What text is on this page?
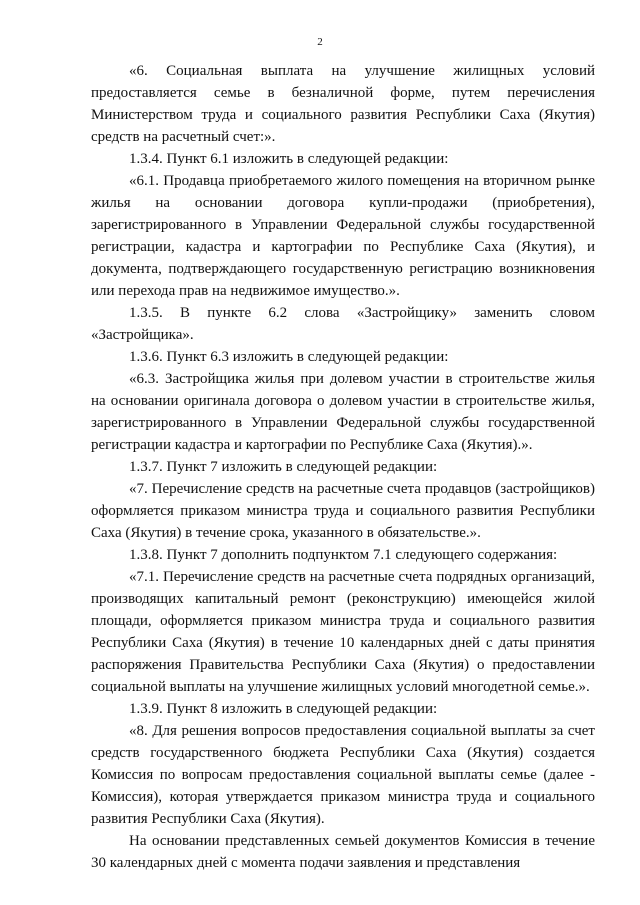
2

«6. Социальная выплата на улучшение жилищных условий предоставляется семье в безналичной форме, путем перечисления Министерством труда и социального развития Республики Саха (Якутия) средств на расчетный счет:».

1.3.4. Пункт 6.1 изложить в следующей редакции:

«6.1. Продавца приобретаемого жилого помещения на вторичном рынке жилья на основании договора купли-продажи (приобретения), зарегистрированного в Управлении Федеральной службы государственной регистрации, кадастра и картографии по Республике Саха (Якутия), и документа, подтверждающего государственную регистрацию возникновения или перехода прав на недвижимое имущество.».

1.3.5. В пункте 6.2 слова «Застройщику» заменить словом «Застройщика».

1.3.6. Пункт 6.3 изложить в следующей редакции:

«6.3. Застройщика жилья при долевом участии в строительстве жилья на основании оригинала договора о долевом участии в строительстве жилья, зарегистрированного в Управлении Федеральной службы государственной регистрации кадастра и картографии по Республике Саха (Якутия).».

1.3.7. Пункт 7 изложить в следующей редакции:

«7. Перечисление средств на расчетные счета продавцов (застройщиков) оформляется приказом министра труда и социального развития Республики Саха (Якутия) в течение срока, указанного в обязательстве.».

1.3.8. Пункт 7 дополнить подпунктом 7.1 следующего содержания:

«7.1. Перечисление средств на расчетные счета подрядных организаций, производящих капитальный ремонт (реконструкцию) имеющейся жилой площади, оформляется приказом министра труда и социального развития Республики Саха (Якутия) в течение 10 календарных дней с даты принятия распоряжения Правительства Республики Саха (Якутия) о предоставлении социальной выплаты на улучшение жилищных условий многодетной семье.».

1.3.9. Пункт 8 изложить в следующей редакции:

«8. Для решения вопросов предоставления социальной выплаты за счет средств государственного бюджета Республики Саха (Якутия) создается Комиссия по вопросам предоставления социальной выплаты семье (далее - Комиссия), которая утверждается приказом министра труда и социального развития Республики Саха (Якутия).

На основании представленных семьей документов Комиссия в течение 30 календарных дней с момента подачи заявления и представления
